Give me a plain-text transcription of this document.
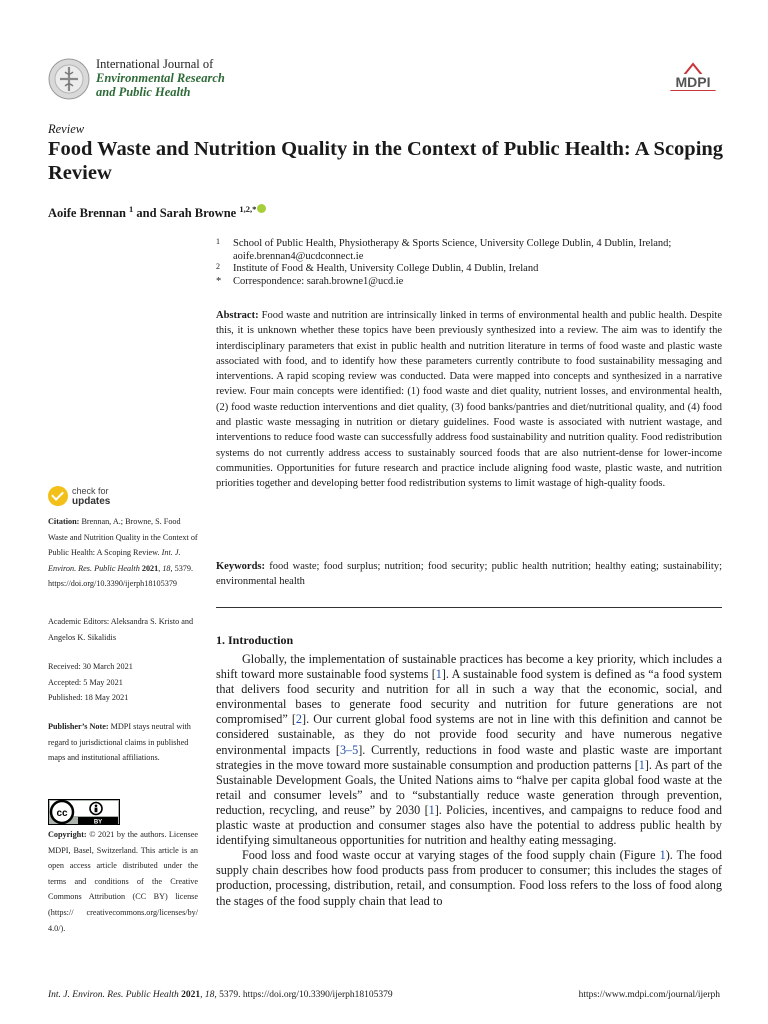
International Journal of
Environmental Research
and Public Health
MDPI
Review
Food Waste and Nutrition Quality in the Context of Public Health: A Scoping Review
Aoife Brennan $^1$ and Sarah Browne $^{1,2,*}$
1 School of Public Health, Physiotherapy & Sports Science, University College Dublin, 4 Dublin, Ireland; aoife.brennan4@ucdconnect.ie
2 Institute of Food & Health, University College Dublin, 4 Dublin, Ireland
* Correspondence: sarah.browne1@ucd.ie
Abstract: Food waste and nutrition are intrinsically linked in terms of environmental health and public health. Despite this, it is unknown whether these topics have been previously synthesized into a review. The aim was to identify the interdisciplinary parameters that exist in public health and nutrition literature in terms of food waste and plastic waste associated with food, and to identify how these parameters currently contribute to food sustainability messaging and interventions. A rapid scoping review was conducted. Data were mapped into concepts and synthesized in a narrative review. Four main concepts were identified: (1) food waste and diet quality, nutrient losses, and environmental health, (2) food waste reduction interventions and diet quality, (3) food banks/pantries and diet/nutritional quality, and (4) food and plastic waste messaging in nutrition or dietary guidelines. Food waste is associated with nutrient wastage, and interventions to reduce food waste can successfully address food sustainability and nutrition quality. Food redistribution systems do not currently address access to sustainably sourced foods that are also nutrient-dense for lower-income communities. Opportunities for future research and practice include aligning food waste, plastic waste, and nutrition priorities together and developing better food redistribution systems to limit wastage of high-quality foods.
Keywords: food waste; food surplus; nutrition; food security; public health nutrition; healthy eating; sustainability; environmental health
check for
updates
Citation: Brennan, A.; Browne, S. Food Waste and Nutrition Quality in the Context of Public Health: A Scoping Review. Int. J. Environ. Res. Public Health 2021, 18, 5379. https://doi.org/10.3390/ijerph18105379
Academic Editors: Aleksandra S. Kristo and Angelos K. Sikalidis
Received: 30 March 2021
Accepted: 5 May 2021
Published: 18 May 2021
Publisher’s Note: MDPI stays neutral with regard to jurisdictional claims in published maps and institutional affiliations.
cc
BY
Copyright: © 2021 by the authors. Licensee MDPI, Basel, Switzerland. This article is an open access article distributed under the terms and conditions of the Creative Commons Attribution (CC BY) license (https:// creativecommons.org/licenses/by/ 4.0/).
1. Introduction

Globally, the implementation of sustainable practices has become a key priority, which includes a shift toward more sustainable food systems [1]. A sustainable food system is defined as “a food system that delivers food security and nutrition for all in such a way that the economic, social, and environmental bases to generate food security and nutrition for future generations are not compromised” [2]. Our current global food systems are not in line with this definition and cannot be considered sustainable, as they do not provide food security and have numerous negative environmental impacts [3–5]. Currently, reductions in food waste and plastic waste are important strategies in the move toward more sustainable consumption and production patterns [1]. As part of the Sustainable Development Goals, the United Nations aims to “halve per capita global food waste at the retail and consumer levels” and to “substantially reduce waste generation through prevention, reduction, recycling, and reuse” by 2030 [1]. Policies, incentives, and campaigns to reduce food and plastic waste at production and consumer stages also have the potential to address public health by identifying simultaneous opportunities for nutrition and healthy eating messaging.

Food loss and food waste occur at varying stages of the food supply chain (Figure 1). The food supply chain describes how food products pass from producer to consumer; this includes the stages of production, processing, distribution, retail, and consumption. Food loss refers to the loss of food along the stages of the food supply chain that lead to

Int. J. Environ. Res. Public Health 2021, 18, 5379. https://doi.org/10.3390/ijerph18105379	https://www.mdpi.com/journal/ijerph
